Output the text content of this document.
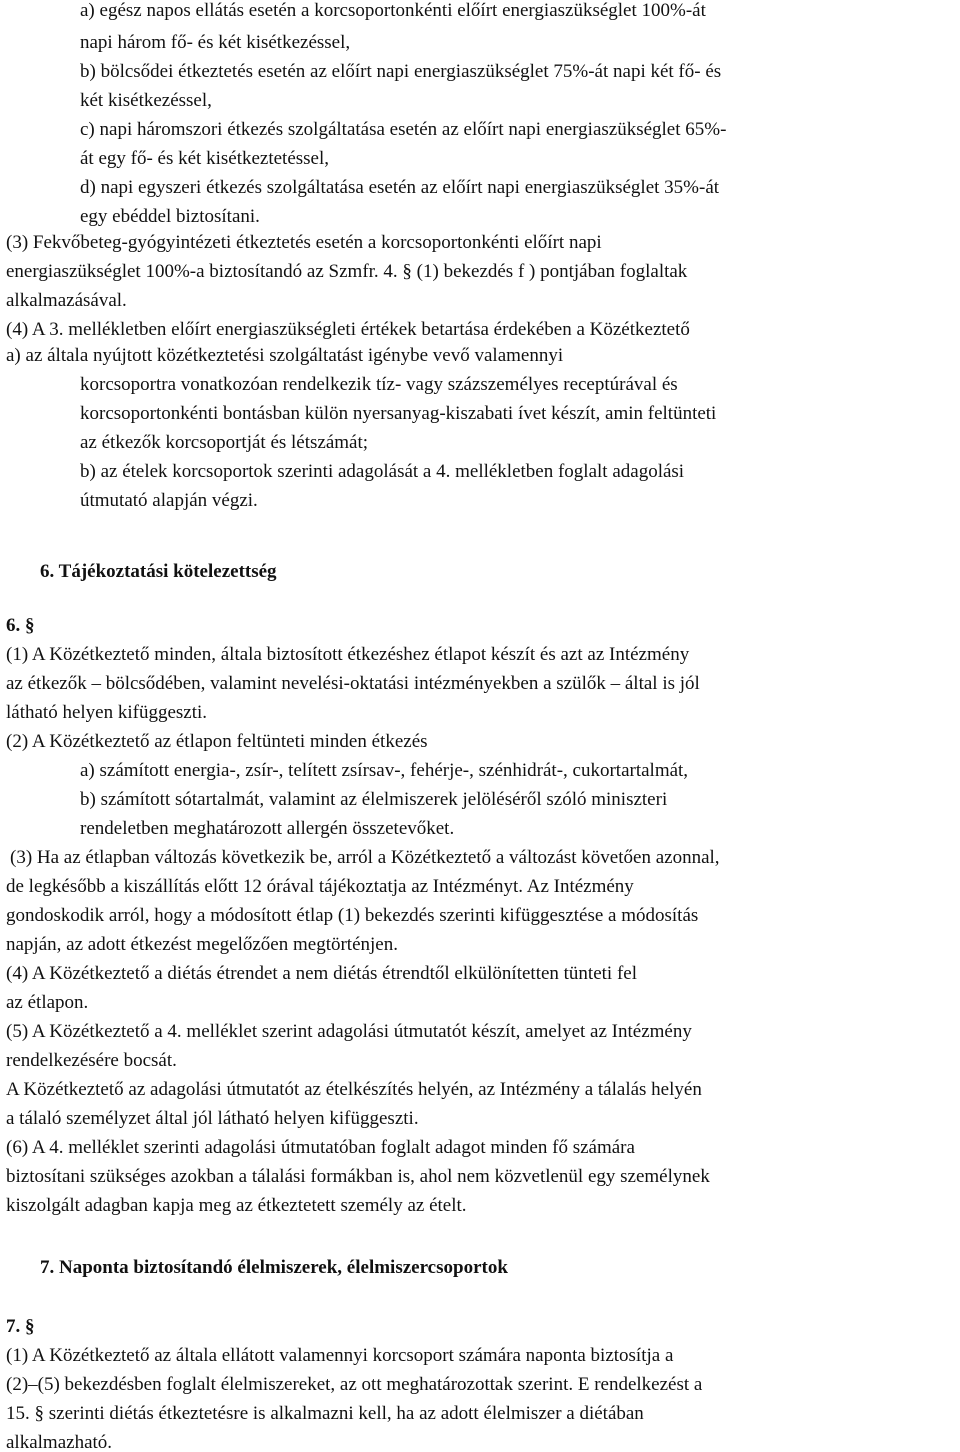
a) egész napos ellátás esetén a korcsoportonkénti előírt energiaszükséglet 100%-át
napi három fő- és két kisétkezéssel,
b) bölcsődei étkeztetés esetén az előírt napi energiaszükséglet 75%-át napi két fő- és
két kisétkezéssel,
c) napi háromszori étkezés szolgáltatása esetén az előírt napi energiaszükséglet 65%-
át egy fő- és két kisétkeztetéssel,
d) napi egyszeri étkezés szolgáltatása esetén az előírt napi energiaszükséglet 35%-át
egy ebéddel biztosítani.
(3) Fekvőbeteg-gyógyintézeti étkeztetés esetén a korcsoportonkénti előírt napi
energiaszükséglet 100%-a biztosítandó az Szmfr. 4. § (1) bekezdés f ) pontjában foglaltak
alkalmazásával.
(4) A 3. mellékletben előírt energiaszükségleti értékek betartása érdekében a Közétkeztető
a) az általa nyújtott közétkeztetési szolgáltatást igénybe vevő valamennyi
korcsoportra vonatkozóan rendelkezik tíz- vagy százszemélyes receptúrával és
korcsoportonkénti bontásban külön nyersanyag-kiszabati ívet készít, amin feltünteti
az étkezők korcsoportját és létszámát;
b) az ételek korcsoportok szerinti adagolását a 4. mellékletben foglalt adagolási
útmutató alapján végzi.
6. Tájékoztatási kötelezettség
6. §
(1) A Közétkeztető minden, általa biztosított étkezéshez étlapot készít és azt az Intézmény
az étkezők – bölcsődében, valamint nevelési-oktatási intézményekben a szülők – által is jól
látható helyen kifüggeszti.
(2) A Közétkeztető az étlapon feltünteti minden étkezés
a) számított energia-, zsír-, telített zsírsav-, fehérje-, szénhidrát-, cukortartalmát,
b) számított sótartalmát, valamint az élelmiszerek jelöléséről szóló miniszteri
rendeletben meghatározott allergén összetevőket.
(3) Ha az étlapban változás következik be, arról a Közétkeztető a változást követően azonnal,
de legkésőbb a kiszállítás előtt 12 órával tájékoztatja az Intézményt. Az Intézmény
gondoskodik arról, hogy a módosított étlap (1) bekezdés szerinti kifüggesztése a módosítás
napján, az adott étkezést megelőzően megtörténjen.
(4) A Közétkeztető a diétás étrendet a nem diétás étrendtől elkülönítetten tünteti fel
az étlapon.
(5) A Közétkeztető a 4. melléklet szerint adagolási útmutatót készít, amelyet az Intézmény
rendelkezésére bocsát.
A Közétkeztető az adagolási útmutatót az ételkészítés helyén, az Intézmény a tálalás helyén
a tálaló személyzet által jól látható helyen kifüggeszti.
(6) A 4. melléklet szerinti adagolási útmutatóban foglalt adagot minden fő számára
biztosítani szükséges azokban a tálalási formákban is, ahol nem közvetlenül egy személynek
kiszolgált adagban kapja meg az étkeztetett személy az ételt.
7. Naponta biztosítandó élelmiszerek, élelmiszercsoportok
7. §
(1) A Közétkeztető az általa ellátott valamennyi korcsoport számára naponta biztosítja a
(2)–(5) bekezdésben foglalt élelmiszereket, az ott meghatározottak szerint. E rendelkezést a
15. § szerinti diétás étkeztetésre is alkalmazni kell, ha az adott élelmiszer a diétában
alkalmazható.
